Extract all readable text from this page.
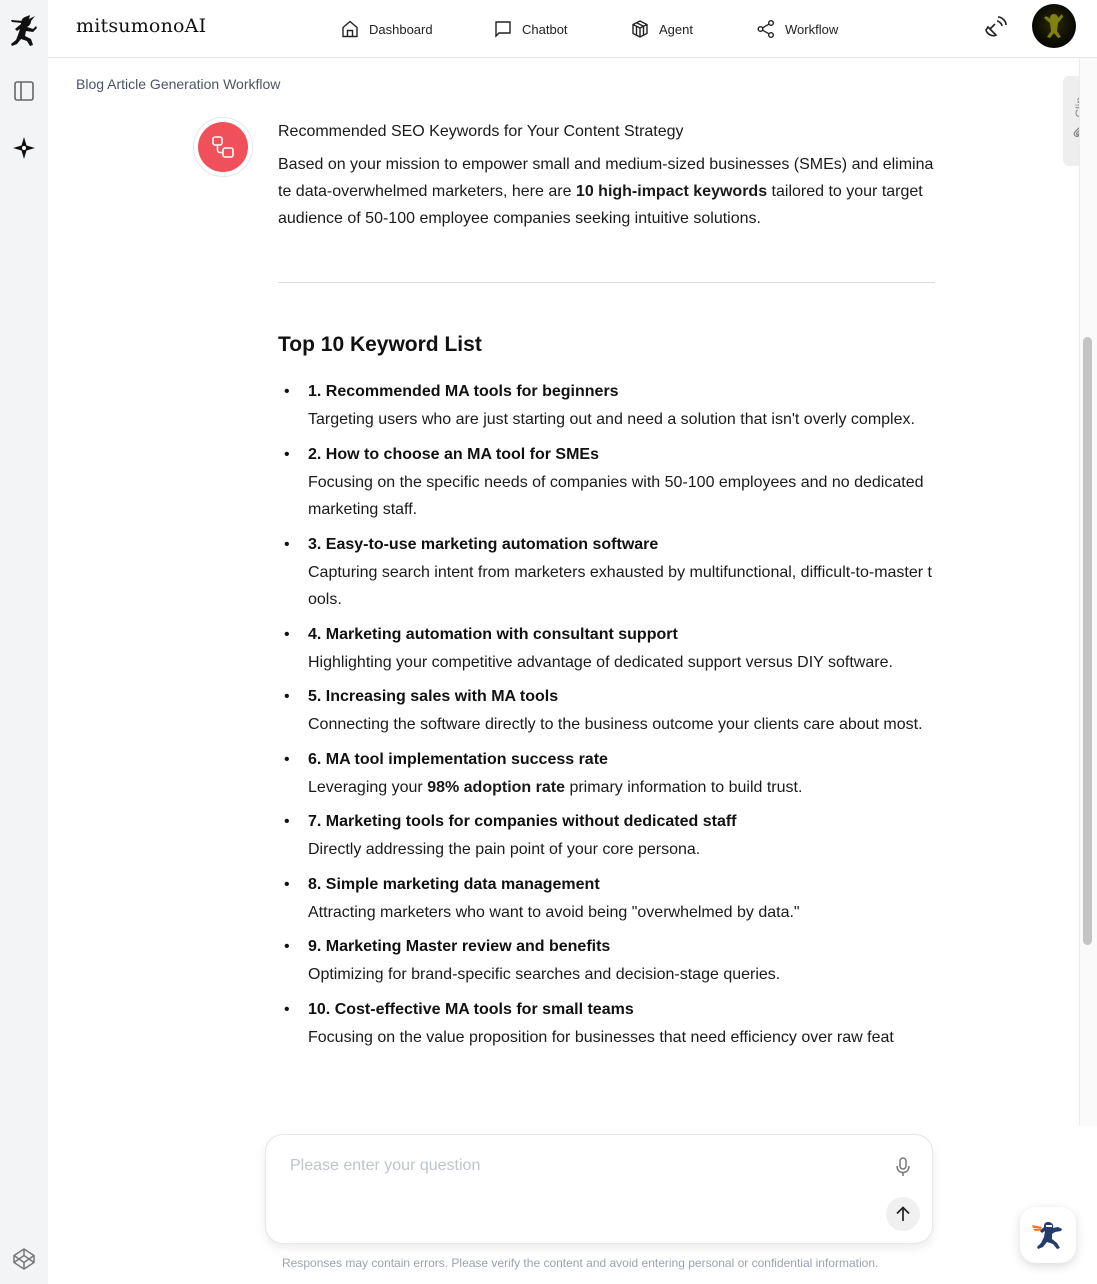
mitsumonoAI	Dashboard	Chatbot	Agent	Workflow
Blog Article Generation Workflow
Recommended SEO Keywords for Your Content Strategy
Based on your mission to empower small and medium-sized businesses (SMEs) and eliminate data-overwhelmed marketers, here are 10 high-impact keywords tailored to your target audience of 50-100 employee companies seeking intuitive solutions.
Top 10 Keyword List
• 1. Recommended MA tools for beginners
Targeting users who are just starting out and need a solution that isn't overly complex.
• 2. How to choose an MA tool for SMEs
Focusing on the specific needs of companies with 50-100 employees and no dedicated marketing staff.
• 3. Easy-to-use marketing automation software
Capturing search intent from marketers exhausted by multifunctional, difficult-to-master tools.
• 4. Marketing automation with consultant support
Highlighting your competitive advantage of dedicated support versus DIY software.
• 5. Increasing sales with MA tools
Connecting the software directly to the business outcome your clients care about most.
• 6. MA tool implementation success rate
Leveraging your 98% adoption rate primary information to build trust.
• 7. Marketing tools for companies without dedicated staff
Directly addressing the pain point of your core persona.
• 8. Simple marketing data management
Attracting marketers who want to avoid being "overwhelmed by data."
• 9. Marketing Master review and benefits
Optimizing for brand-specific searches and decision-stage queries.
• 10. Cost-effective MA tools for small teams
Focusing on the value proposition for businesses that need efficiency over raw feat
Please enter your question
Responses may contain errors. Please verify the content and avoid entering personal or confidential information.
